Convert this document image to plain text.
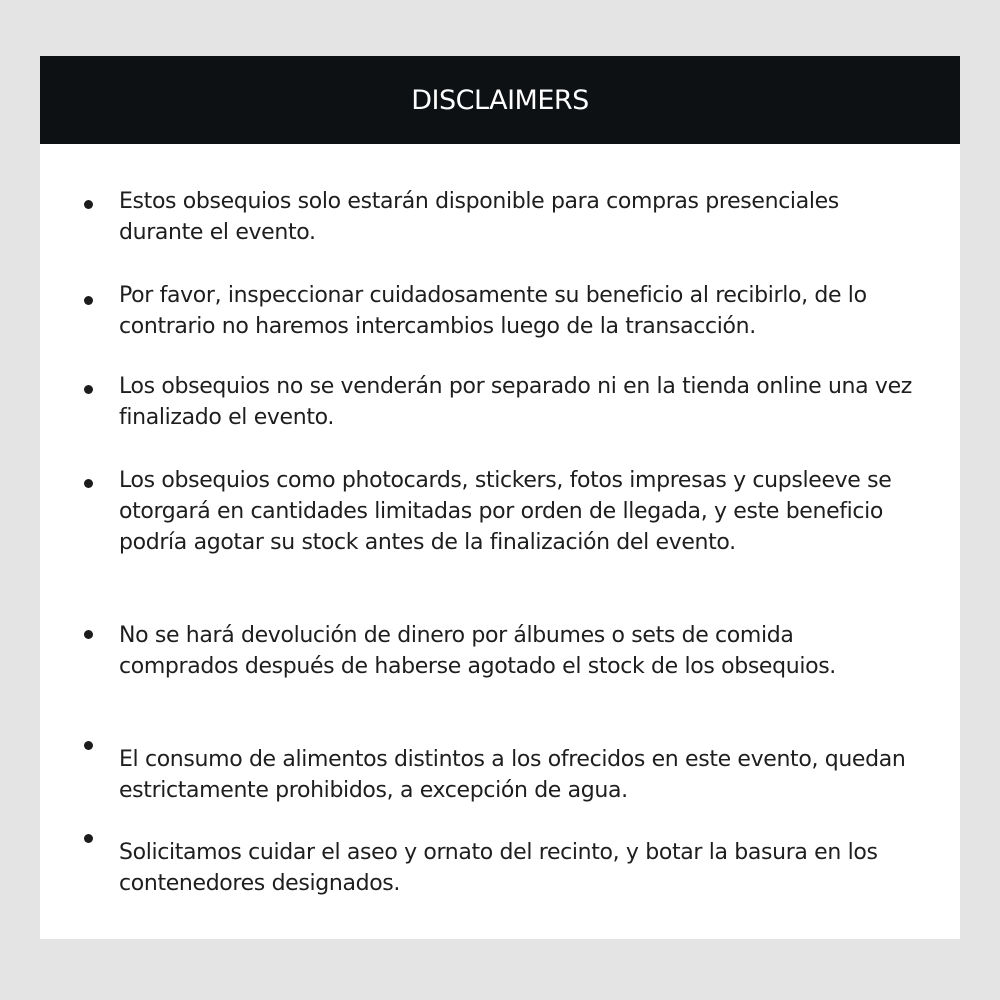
DISCLAIMERS

Estos obsequios solo estarán disponible para compras presenciales durante el evento.

Por favor, inspeccionar cuidadosamente su beneficio al recibirlo, de lo contrario no haremos intercambios luego de la transacción.

Los obsequios no se venderán por separado ni en la tienda online una vez finalizado el evento.

Los obsequios como photocards, stickers, fotos impresas y cupsleeve se otorgará en cantidades limitadas por orden de llegada, y este beneficio podría agotar su stock antes de la finalización del evento.

No se hará devolución de dinero por álbumes o sets de comida comprados después de haberse agotado el stock de los obsequios.

El consumo de alimentos distintos a los ofrecidos en este evento, quedan estrictamente prohibidos, a excepción de agua.

Solicitamos cuidar el aseo y ornato del recinto, y botar la basura en los contenedores designados.
